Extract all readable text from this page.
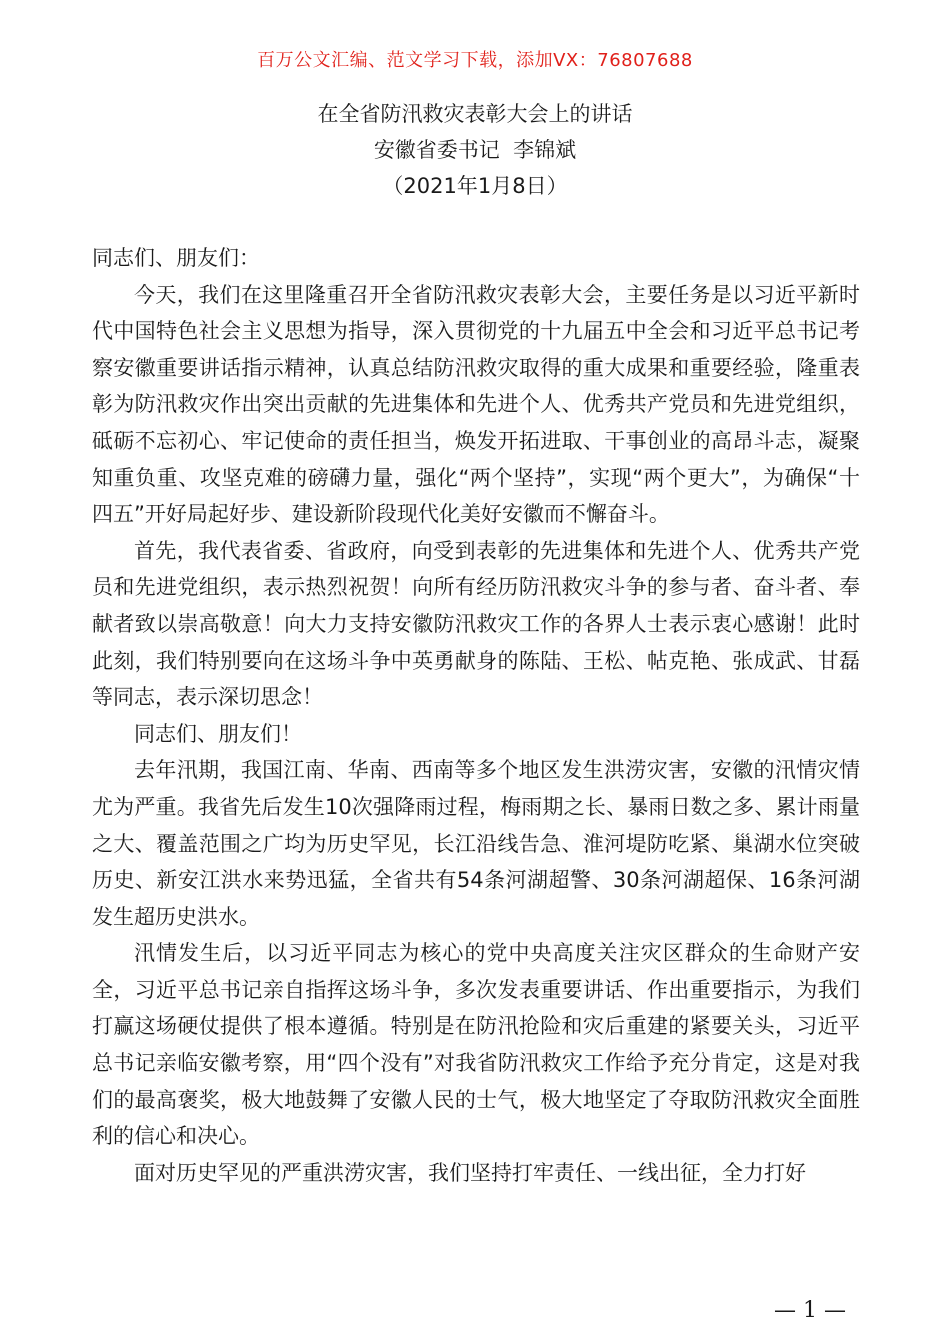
百万公文汇编、范文学习下载，添加VX：76807688
在全省防汛救灾表彰大会上的讲话
安徽省委书记  李锦斌
（2021年1月8日）

同志们、朋友们：

今天，我们在这里隆重召开全省防汛救灾表彰大会，主要任务是以习近平新时代中国特色社会主义思想为指导，深入贯彻党的十九届五中全会和习近平总书记考察安徽重要讲话指示精神，认真总结防汛救灾取得的重大成果和重要经验，隆重表彰为防汛救灾作出突出贡献的先进集体和先进个人、优秀共产党员和先进党组织，砥砺不忘初心、牢记使命的责任担当，焕发开拓进取、干事创业的高昂斗志，凝聚知重负重、攻坚克难的磅礴力量，强化“两个坚持”，实现“两个更大”，为确保“十四五”开好局起好步、建设新阶段现代化美好安徽而不懈奋斗。

首先，我代表省委、省政府，向受到表彰的先进集体和先进个人、优秀共产党员和先进党组织，表示热烈祝贺！向所有经历防汛救灾斗争的参与者、奋斗者、奉献者致以崇高敬意！向大力支持安徽防汛救灾工作的各界人士表示衷心感谢！此时此刻，我们特别要向在这场斗争中英勇献身的陈陆、王松、帖克艳、张成武、甘磊等同志，表示深切思念！

同志们、朋友们！

去年汛期，我国江南、华南、西南等多个地区发生洪涝灾害，安徽的汛情灾情尤为严重。我省先后发生10次强降雨过程，梅雨期之长、暴雨日数之多、累计雨量之大、覆盖范围之广均为历史罕见，长江沿线告急、淮河堤防吃紧、巢湖水位突破历史、新安江洪水来势迅猛，全省共有54条河湖超警、30条河湖超保、16条河湖发生超历史洪水。

汛情发生后，以习近平同志为核心的党中央高度关注灾区群众的生命财产安全，习近平总书记亲自指挥这场斗争，多次发表重要讲话、作出重要指示，为我们打赢这场硬仗提供了根本遵循。特别是在防汛抢险和灾后重建的紧要关头，习近平总书记亲临安徽考察，用“四个没有”对我省防汛救灾工作给予充分肯定，这是对我们的最高褒奖，极大地鼓舞了安徽人民的士气，极大地坚定了夺取防汛救灾全面胜利的信心和决心。

面对历史罕见的严重洪涝灾害，我们坚持打牢责任、一线出征，全力打好

— 1 —
